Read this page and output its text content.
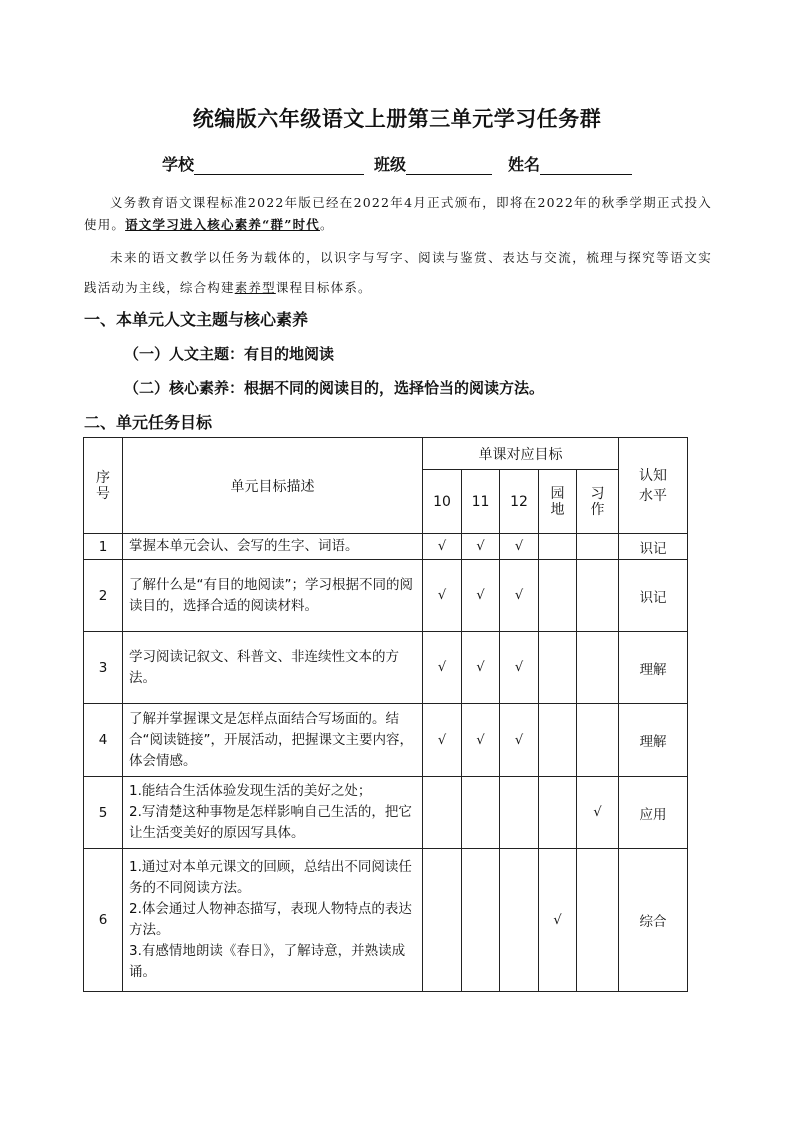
统编版六年级语文上册第三单元学习任务群
学校	班级	姓名
义务教育语文课程标准2022年版已经在2022年4月正式颁布，即将在2022年的秋季学期正式投入使用。语文学习进入核心素养“群”时代。
未来的语文教学以任务为载体的，以识字与写字、阅读与鉴赏、表达与交流，梳理与探究等语文实践活动为主线，综合构建素养型课程目标体系。
一、本单元人文主题与核心素养
（一）人文主题：有目的地阅读
（二）核心素养：根据不同的阅读目的，选择恰当的阅读方法。
二、单元任务目标
序号	单元目标描述	单课对应目标					认知水平
		10	11	12	园地	习作	
1	掌握本单元会认、会写的生字、词语。	√	√	√			识记
2	了解什么是“有目的地阅读”；学习根据不同的阅读目的，选择合适的阅读材料。	√	√	√			识记
3	学习阅读记叙文、科普文、非连续性文本的方法。	√	√	√			理解
4	了解并掌握课文是怎样点面结合写场面的。结合“阅读链接”，开展活动，把握课文主要内容，体会情感。	√	√	√			理解
5	1.能结合生活体验发现生活的美好之处；
2.写清楚这种事物是怎样影响自己生活的，把它让生活变美好的原因写具体。					√	应用
6	1.通过对本单元课文的回顾，总结出不同阅读任务的不同阅读方法。
2.体会通过人物神态描写，表现人物特点的表达方法。
3.有感情地朗读《春日》，了解诗意，并熟读成诵。				√		综合
